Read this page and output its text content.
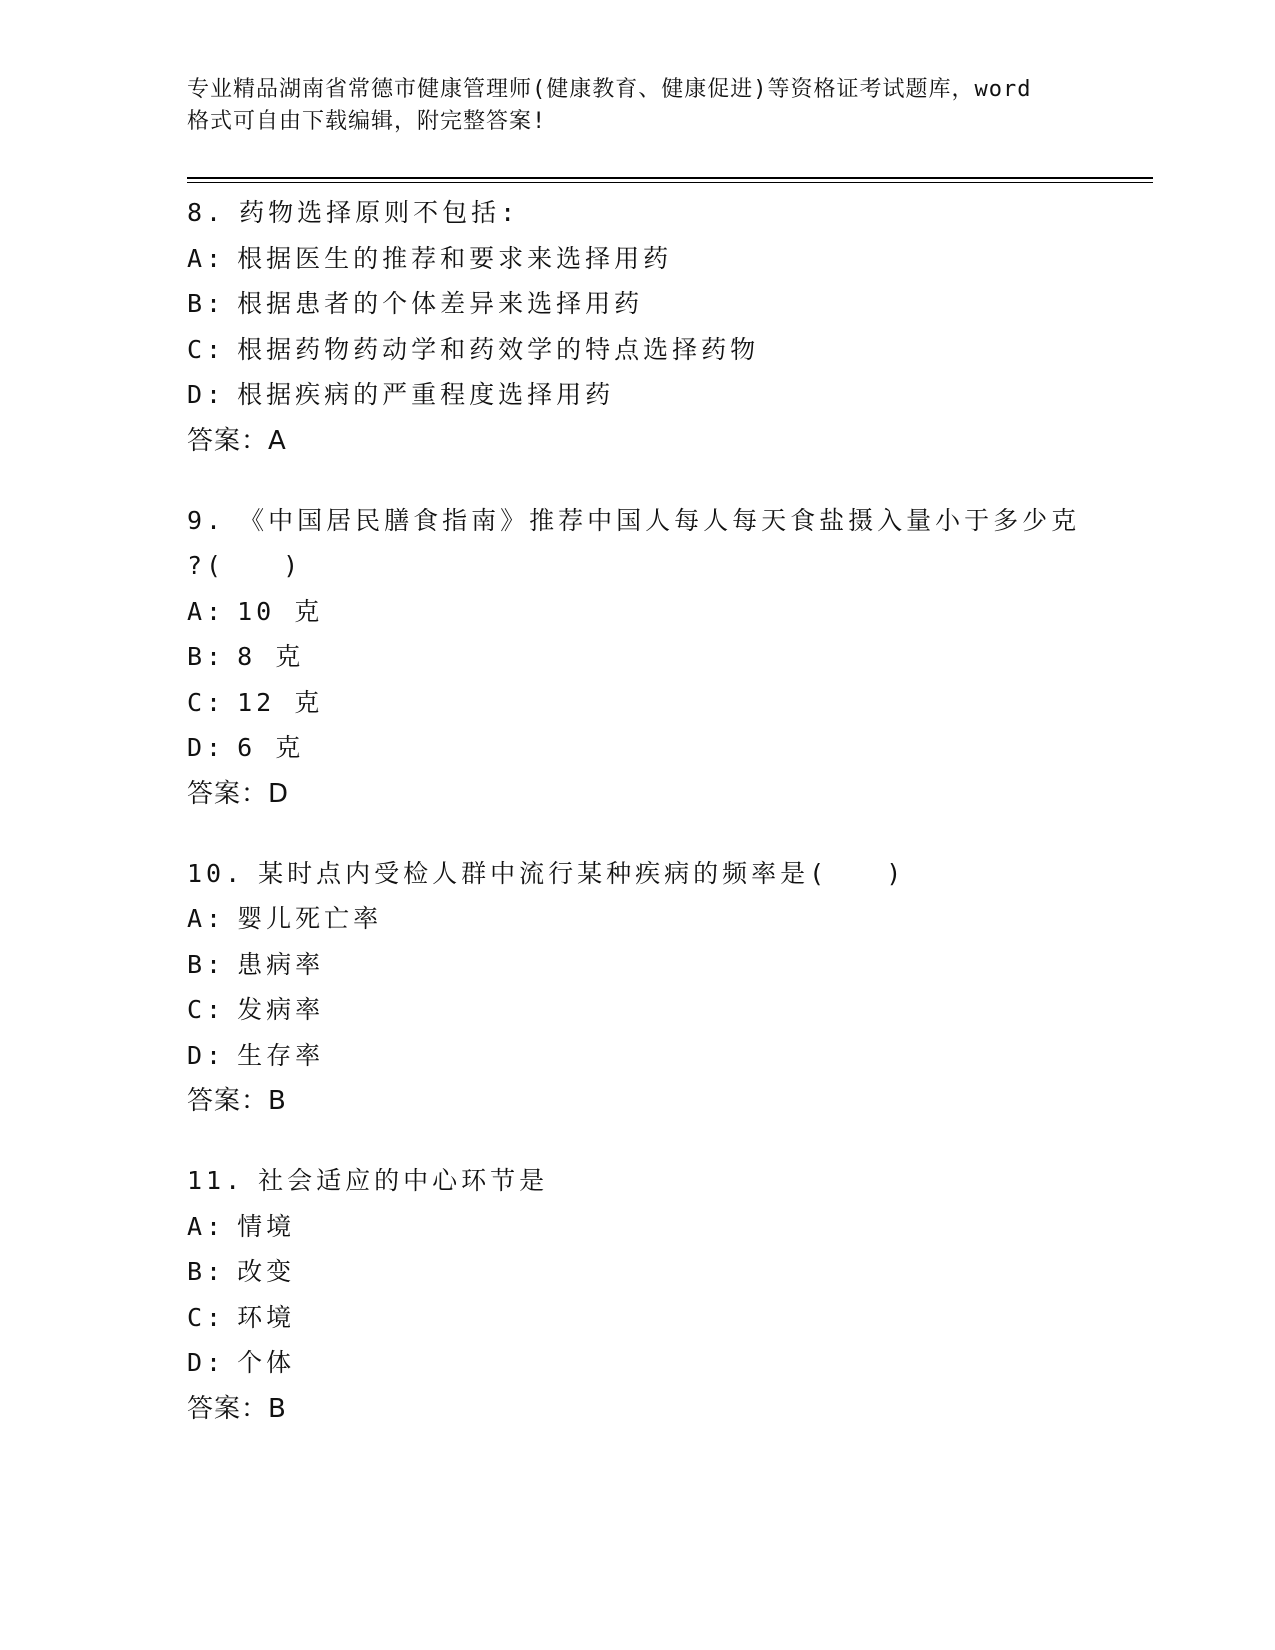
专业精品湖南省常德市健康管理师(健康教育、健康促进)等资格证考试题库，word
格式可自由下载编辑，附完整答案!
8. 药物选择原则不包括:
A: 根据医生的推荐和要求来选择用药
B: 根据患者的个体差异来选择用药
C: 根据药物药动学和药效学的特点选择药物
D: 根据疾病的严重程度选择用药
答案：A
9. 《中国居民膳食指南》推荐中国人每人每天食盐摄入量小于多少克
?(　　)
A: 10 克
B: 8 克
C: 12 克
D: 6 克
答案：D
10. 某时点内受检人群中流行某种疾病的频率是(　　)
A: 婴儿死亡率
B: 患病率
C: 发病率
D: 生存率
答案：B
11. 社会适应的中心环节是
A: 情境
B: 改变
C: 环境
D: 个体
答案：B
